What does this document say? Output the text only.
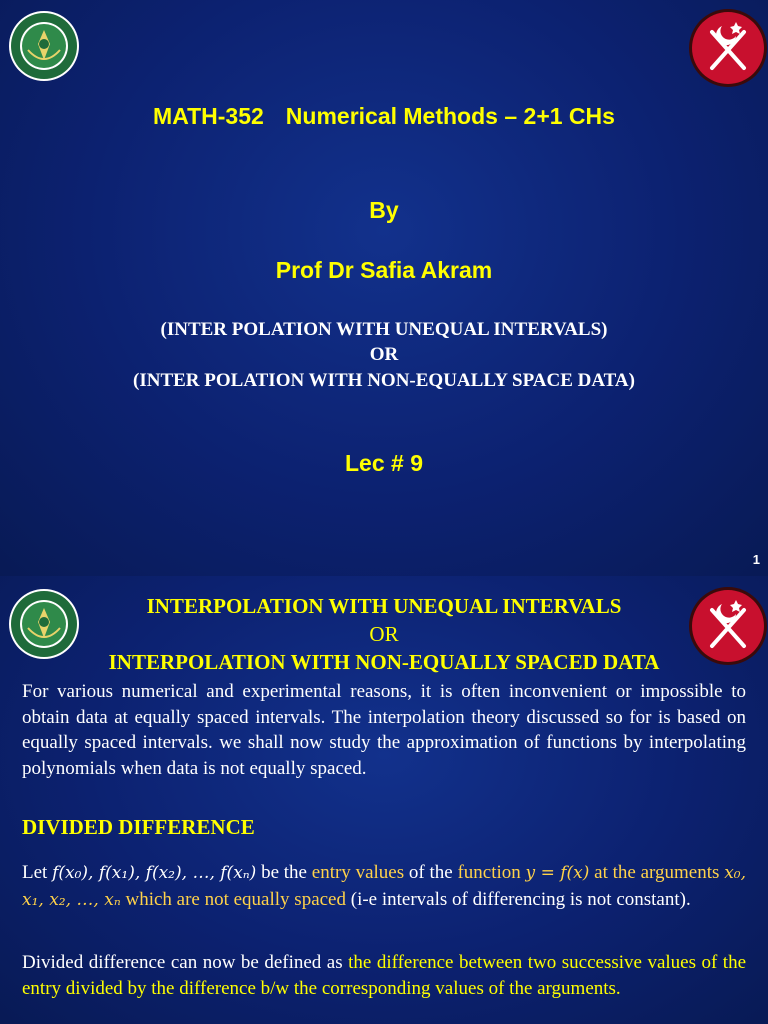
MATH-352 Numerical Methods – 2+1 CHs
By
Prof Dr Safia Akram
(INTER POLATION WITH UNEQUAL INTERVALS)
OR
(INTER POLATION WITH NON-EQUALLY SPACE DATA)
Lec # 9
1
INTERPOLATION WITH UNEQUAL INTERVALS
OR
INTERPOLATION WITH NON-EQUALLY SPACED DATA
For various numerical and experimental reasons, it is often inconvenient or impossible to obtain data at equally spaced intervals. The interpolation theory discussed so for is based on equally spaced intervals. we shall now study the approximation of functions by interpolating polynomials when data is not equally spaced.
DIVIDED DIFFERENCE
Let f(x₀), f(x₁), f(x₂), …, f(xₙ) be the entry values of the function y = f(x) at the arguments x₀, x₁, x₂, …, xₙ which are not equally spaced (i-e intervals of differencing is not constant).
Divided difference can now be defined as the difference between two successive values of the entry divided by the difference b/w the corresponding values of the arguments.
